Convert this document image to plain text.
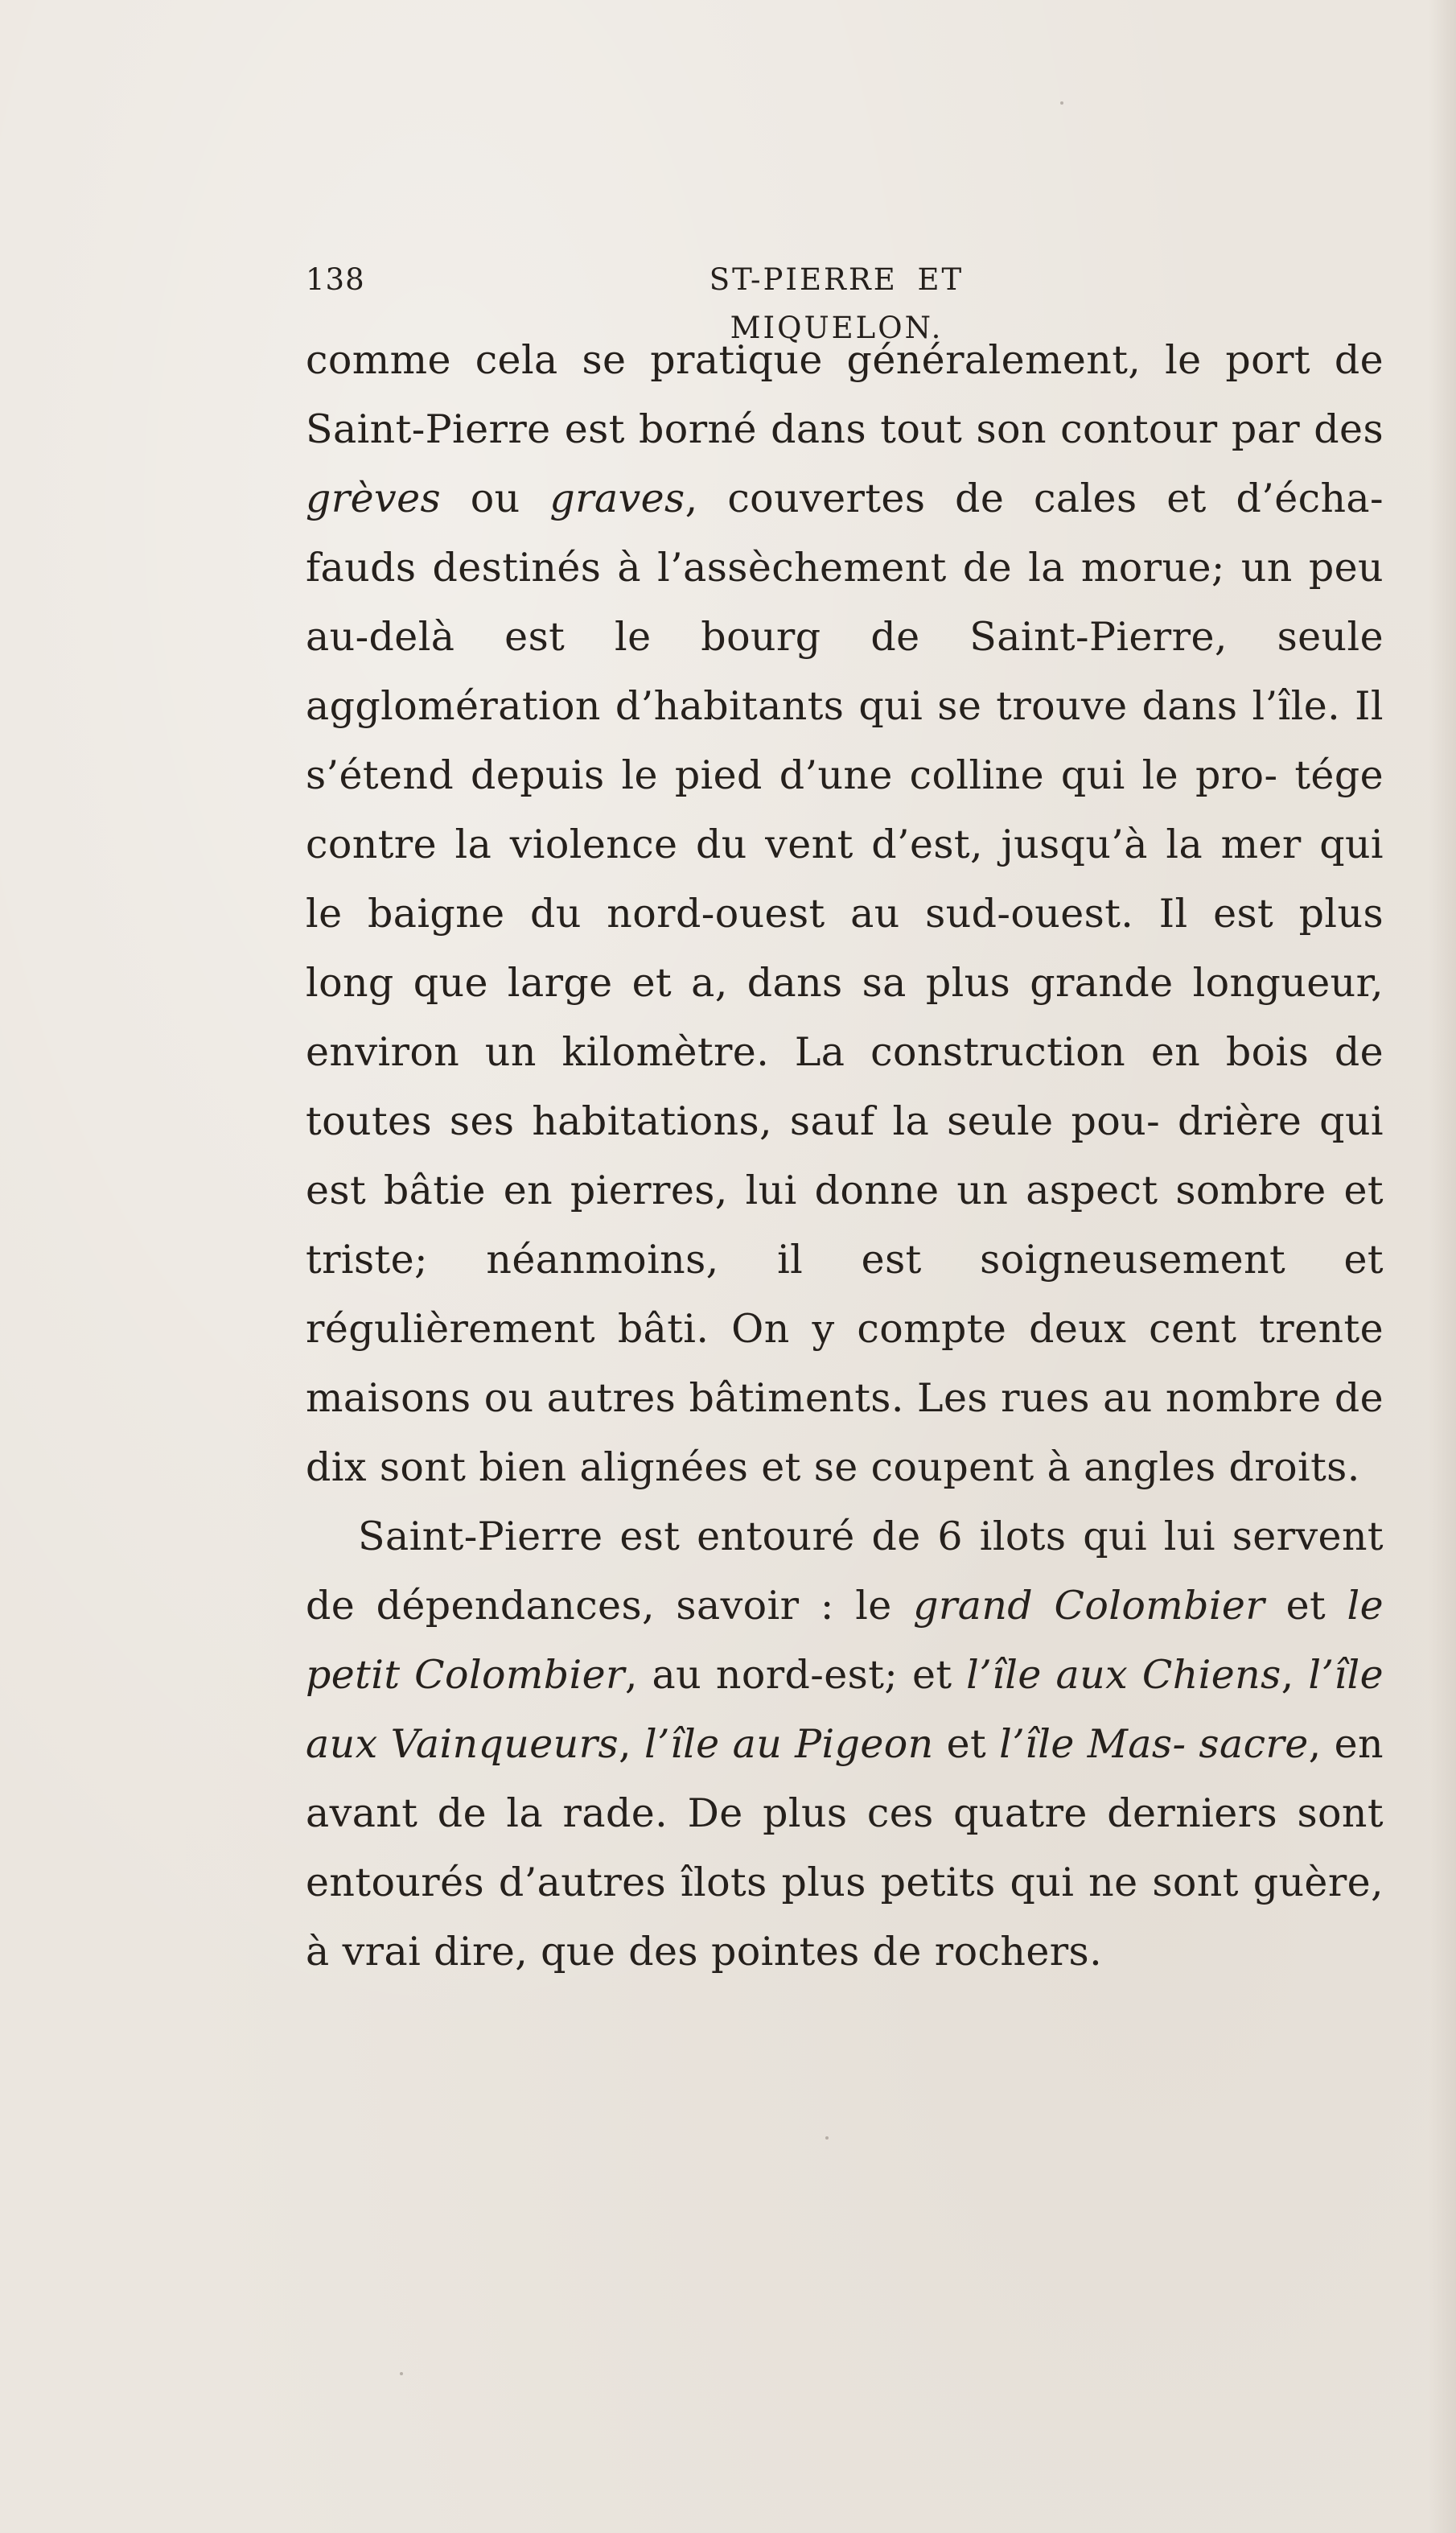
138	ST-PIERRE ET MIQUELON.

comme cela se pratique généralement, le port de Saint-Pierre est borné dans tout son contour par des grèves ou graves, couvertes de cales et d’écha- fauds destinés à l’assèchement de la morue; un peu au-delà est le bourg de Saint-Pierre, seule agglomération d’habitants qui se trouve dans l’île. Il s’étend depuis le pied d’une colline qui le pro- tége contre la violence du vent d’est, jusqu’à la mer qui le baigne du nord-ouest au sud-ouest. Il est plus long que large et a, dans sa plus grande longueur, environ un kilomètre. La construction en bois de toutes ses habitations, sauf la seule pou- drière qui est bâtie en pierres, lui donne un aspect sombre et triste; néanmoins, il est soigneusement et régulièrement bâti. On y compte deux cent trente maisons ou autres bâtiments. Les rues au nombre de dix sont bien alignées et se coupent à angles droits.

Saint-Pierre est entouré de 6 ilots qui lui servent de dépendances, savoir : le grand Colombier et le petit Colombier, au nord-est; et l’île aux Chiens, l’île aux Vainqueurs, l’île au Pigeon et l’île Mas- sacre, en avant de la rade. De plus ces quatre derniers sont entourés d’autres îlots plus petits qui ne sont guère, à vrai dire, que des pointes de rochers.
